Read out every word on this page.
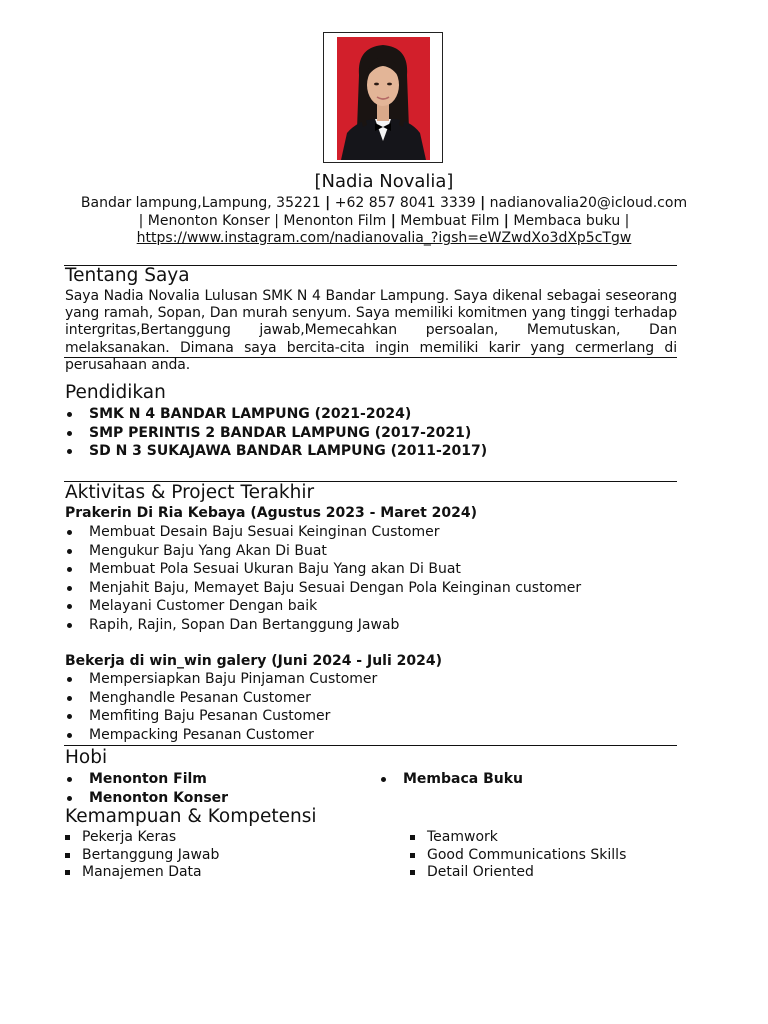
[Nadia Novalia]
Bandar lampung,Lampung, 35221 | +62 857 8041 3339 | nadianovalia20@icloud.com
| Menonton Konser | Menonton Film | Membuat Film | Membaca buku |
https://www.instagram.com/nadianovalia_?igsh=eWZwdXo3dXp5cTgw
Tentang Saya
Saya Nadia Novalia Lulusan SMK N 4 Bandar Lampung. Saya dikenal sebagai seseorang yang ramah, Sopan, Dan murah senyum. Saya memiliki komitmen yang tinggi terhadap intergritas,Bertanggung jawab,Memecahkan persoalan, Memutuskan, Dan melaksanakan. Dimana saya bercita-cita ingin memiliki karir yang cermerlang di perusahaan anda.
Pendidikan
SMK N 4 BANDAR LAMPUNG (2021-2024)
SMP PERINTIS 2 BANDAR LAMPUNG (2017-2021)
SD N 3 SUKAJAWA BANDAR LAMPUNG (2011-2017)
Aktivitas & Project Terakhir
Prakerin Di Ria Kebaya (Agustus 2023 - Maret 2024)
Membuat Desain Baju Sesuai Keinginan Customer
Mengukur Baju Yang Akan Di Buat
Membuat Pola Sesuai Ukuran Baju Yang akan Di Buat
Menjahit Baju, Memayet Baju Sesuai Dengan Pola Keinginan customer
Melayani Customer Dengan baik
Rapih, Rajin, Sopan Dan Bertanggung Jawab
Bekerja di win_win galery (Juni 2024 - Juli 2024)
Mempersiapkan Baju Pinjaman Customer
Menghandle Pesanan Customer
Memfiting Baju Pesanan Customer
Mempacking Pesanan Customer
Hobi
Menonton Film
Menonton Konser
Membaca Buku
Kemampuan & Kompetensi
Pekerja Keras
Bertanggung Jawab
Manajemen Data
Teamwork
Good Communications Skills
Detail Oriented
